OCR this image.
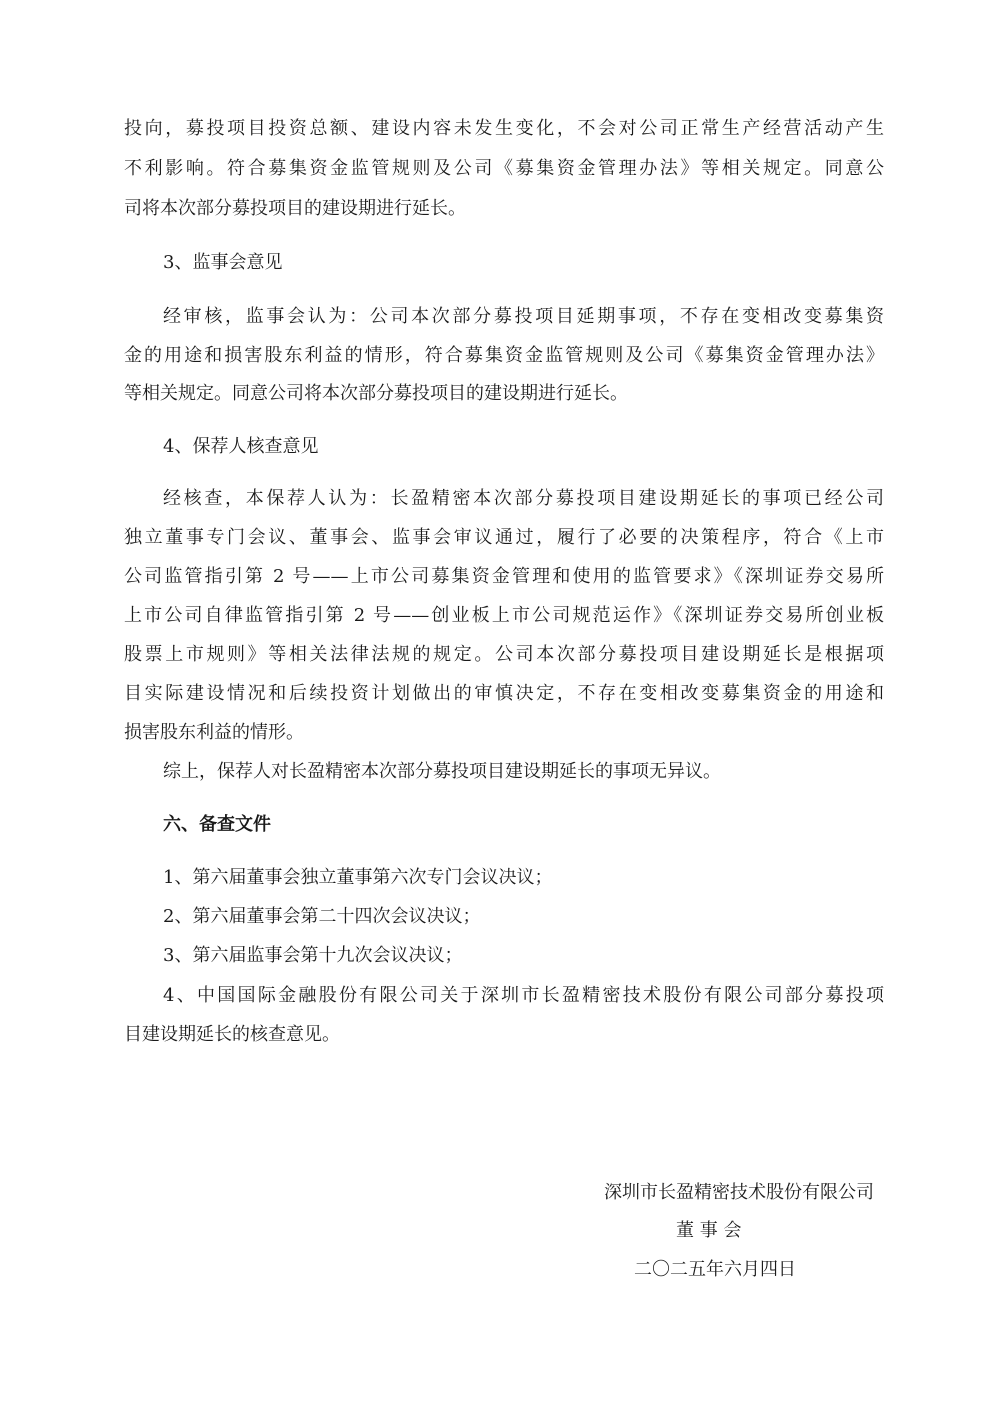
投向，募投项目投资总额、建设内容未发生变化，不会对公司正常生产经营活动产生
不利影响。符合募集资金监管规则及公司《募集资金管理办法》等相关规定。同意公
司将本次部分募投项目的建设期进行延长。
3、监事会意见
经审核，监事会认为：公司本次部分募投项目延期事项，不存在变相改变募集资
金的用途和损害股东利益的情形，符合募集资金监管规则及公司《募集资金管理办法》
等相关规定。同意公司将本次部分募投项目的建设期进行延长。
4、保荐人核查意见
经核查，本保荐人认为：长盈精密本次部分募投项目建设期延长的事项已经公司
独立董事专门会议、董事会、监事会审议通过，履行了必要的决策程序，符合《上市
公司监管指引第 2 号——上市公司募集资金管理和使用的监管要求》《深圳证券交易所
上市公司自律监管指引第 2 号——创业板上市公司规范运作》《深圳证券交易所创业板
股票上市规则》等相关法律法规的规定。公司本次部分募投项目建设期延长是根据项
目实际建设情况和后续投资计划做出的审慎决定，不存在变相改变募集资金的用途和
损害股东利益的情形。
综上，保荐人对长盈精密本次部分募投项目建设期延长的事项无异议。
六、备查文件
1、第六届董事会独立董事第六次专门会议决议；
2、第六届董事会第二十四次会议决议；
3、第六届监事会第十九次会议决议；
4、中国国际金融股份有限公司关于深圳市长盈精密技术股份有限公司部分募投项
目建设期延长的核查意见。
深圳市长盈精密技术股份有限公司
董 事 会
二〇二五年六月四日
